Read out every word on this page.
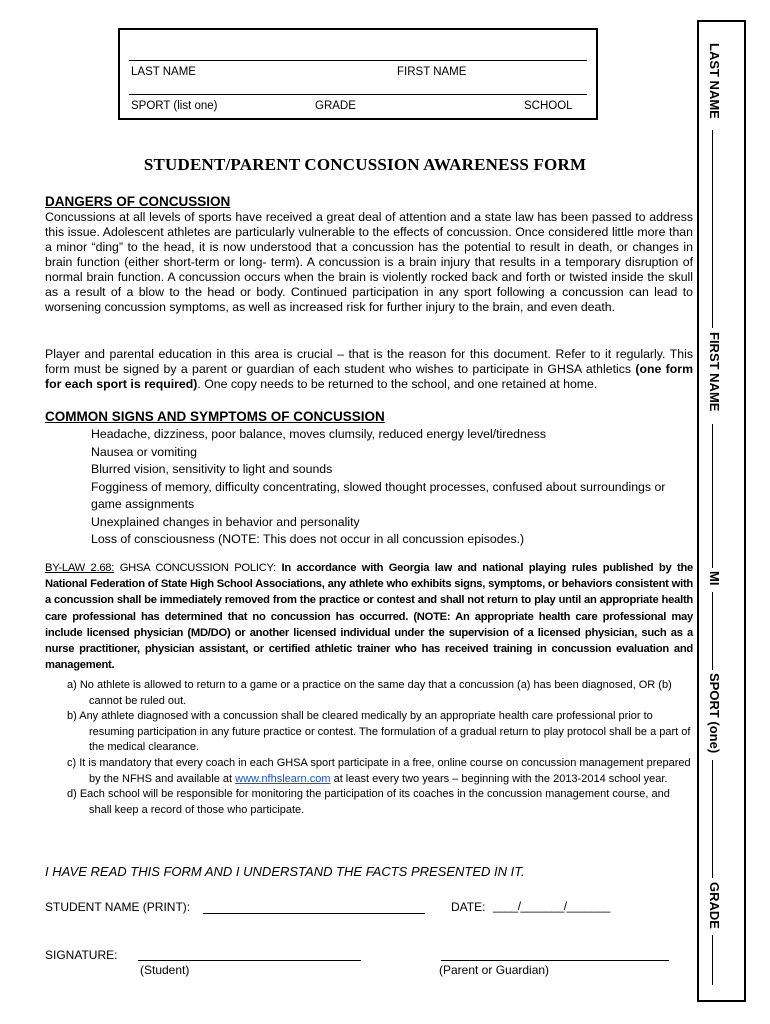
LAST NAME	FIRST NAME
SPORT (list one)	GRADE	SCHOOL
STUDENT/PARENT CONCUSSION AWARENESS FORM
DANGERS OF CONCUSSION
Concussions at all levels of sports have received a great deal of attention and a state law has been passed to address this issue. Adolescent athletes are particularly vulnerable to the effects of concussion. Once considered little more than a minor “ding” to the head, it is now understood that a concussion has the potential to result in death, or changes in brain function (either short-term or long- term). A concussion is a brain injury that results in a temporary disruption of normal brain function. A concussion occurs when the brain is violently rocked back and forth or twisted inside the skull as a result of a blow to the head or body. Continued participation in any sport following a concussion can lead to worsening concussion symptoms, as well as increased risk for further injury to the brain, and even death.
Player and parental education in this area is crucial – that is the reason for this document. Refer to it regularly. This form must be signed by a parent or guardian of each student who wishes to participate in GHSA athletics (one form for each sport is required). One copy needs to be returned to the school, and one retained at home.
COMMON SIGNS AND SYMPTOMS OF CONCUSSION
Headache, dizziness, poor balance, moves clumsily, reduced energy level/tiredness
Nausea or vomiting
Blurred vision, sensitivity to light and sounds
Fogginess of memory, difficulty concentrating, slowed thought processes, confused about surroundings or game assignments
Unexplained changes in behavior and personality
Loss of consciousness (NOTE: This does not occur in all concussion episodes.)
BY-LAW 2.68: GHSA CONCUSSION POLICY: In accordance with Georgia law and national playing rules published by the National Federation of State High School Associations, any athlete who exhibits signs, symptoms, or behaviors consistent with a concussion shall be immediately removed from the practice or contest and shall not return to play until an appropriate health care professional has determined that no concussion has occurred. (NOTE: An appropriate health care professional may include licensed physician (MD/DO) or another licensed individual under the supervision of a licensed physician, such as a nurse practitioner, physician assistant, or certified athletic trainer who has received training in concussion evaluation and management.
a) No athlete is allowed to return to a game or a practice on the same day that a concussion (a) has been diagnosed, OR (b) cannot be ruled out.
b) Any athlete diagnosed with a concussion shall be cleared medically by an appropriate health care professional prior to resuming participation in any future practice or contest. The formulation of a gradual return to play protocol shall be a part of the medical clearance.
c) It is mandatory that every coach in each GHSA sport participate in a free, online course on concussion management prepared by the NFHS and available at www.nfhslearn.com at least every two years – beginning with the 2013-2014 school year.
d) Each school will be responsible for monitoring the participation of its coaches in the concussion management course, and shall keep a record of those who participate.
I HAVE READ THIS FORM AND I UNDERSTAND THE FACTS PRESENTED IN IT.
STUDENT NAME (PRINT):	DATE: ____/_______/_______
SIGNATURE:
(Student)	(Parent or Guardian)
LAST NAME
FIRST NAME
MI
SPORT (one)
GRADE
